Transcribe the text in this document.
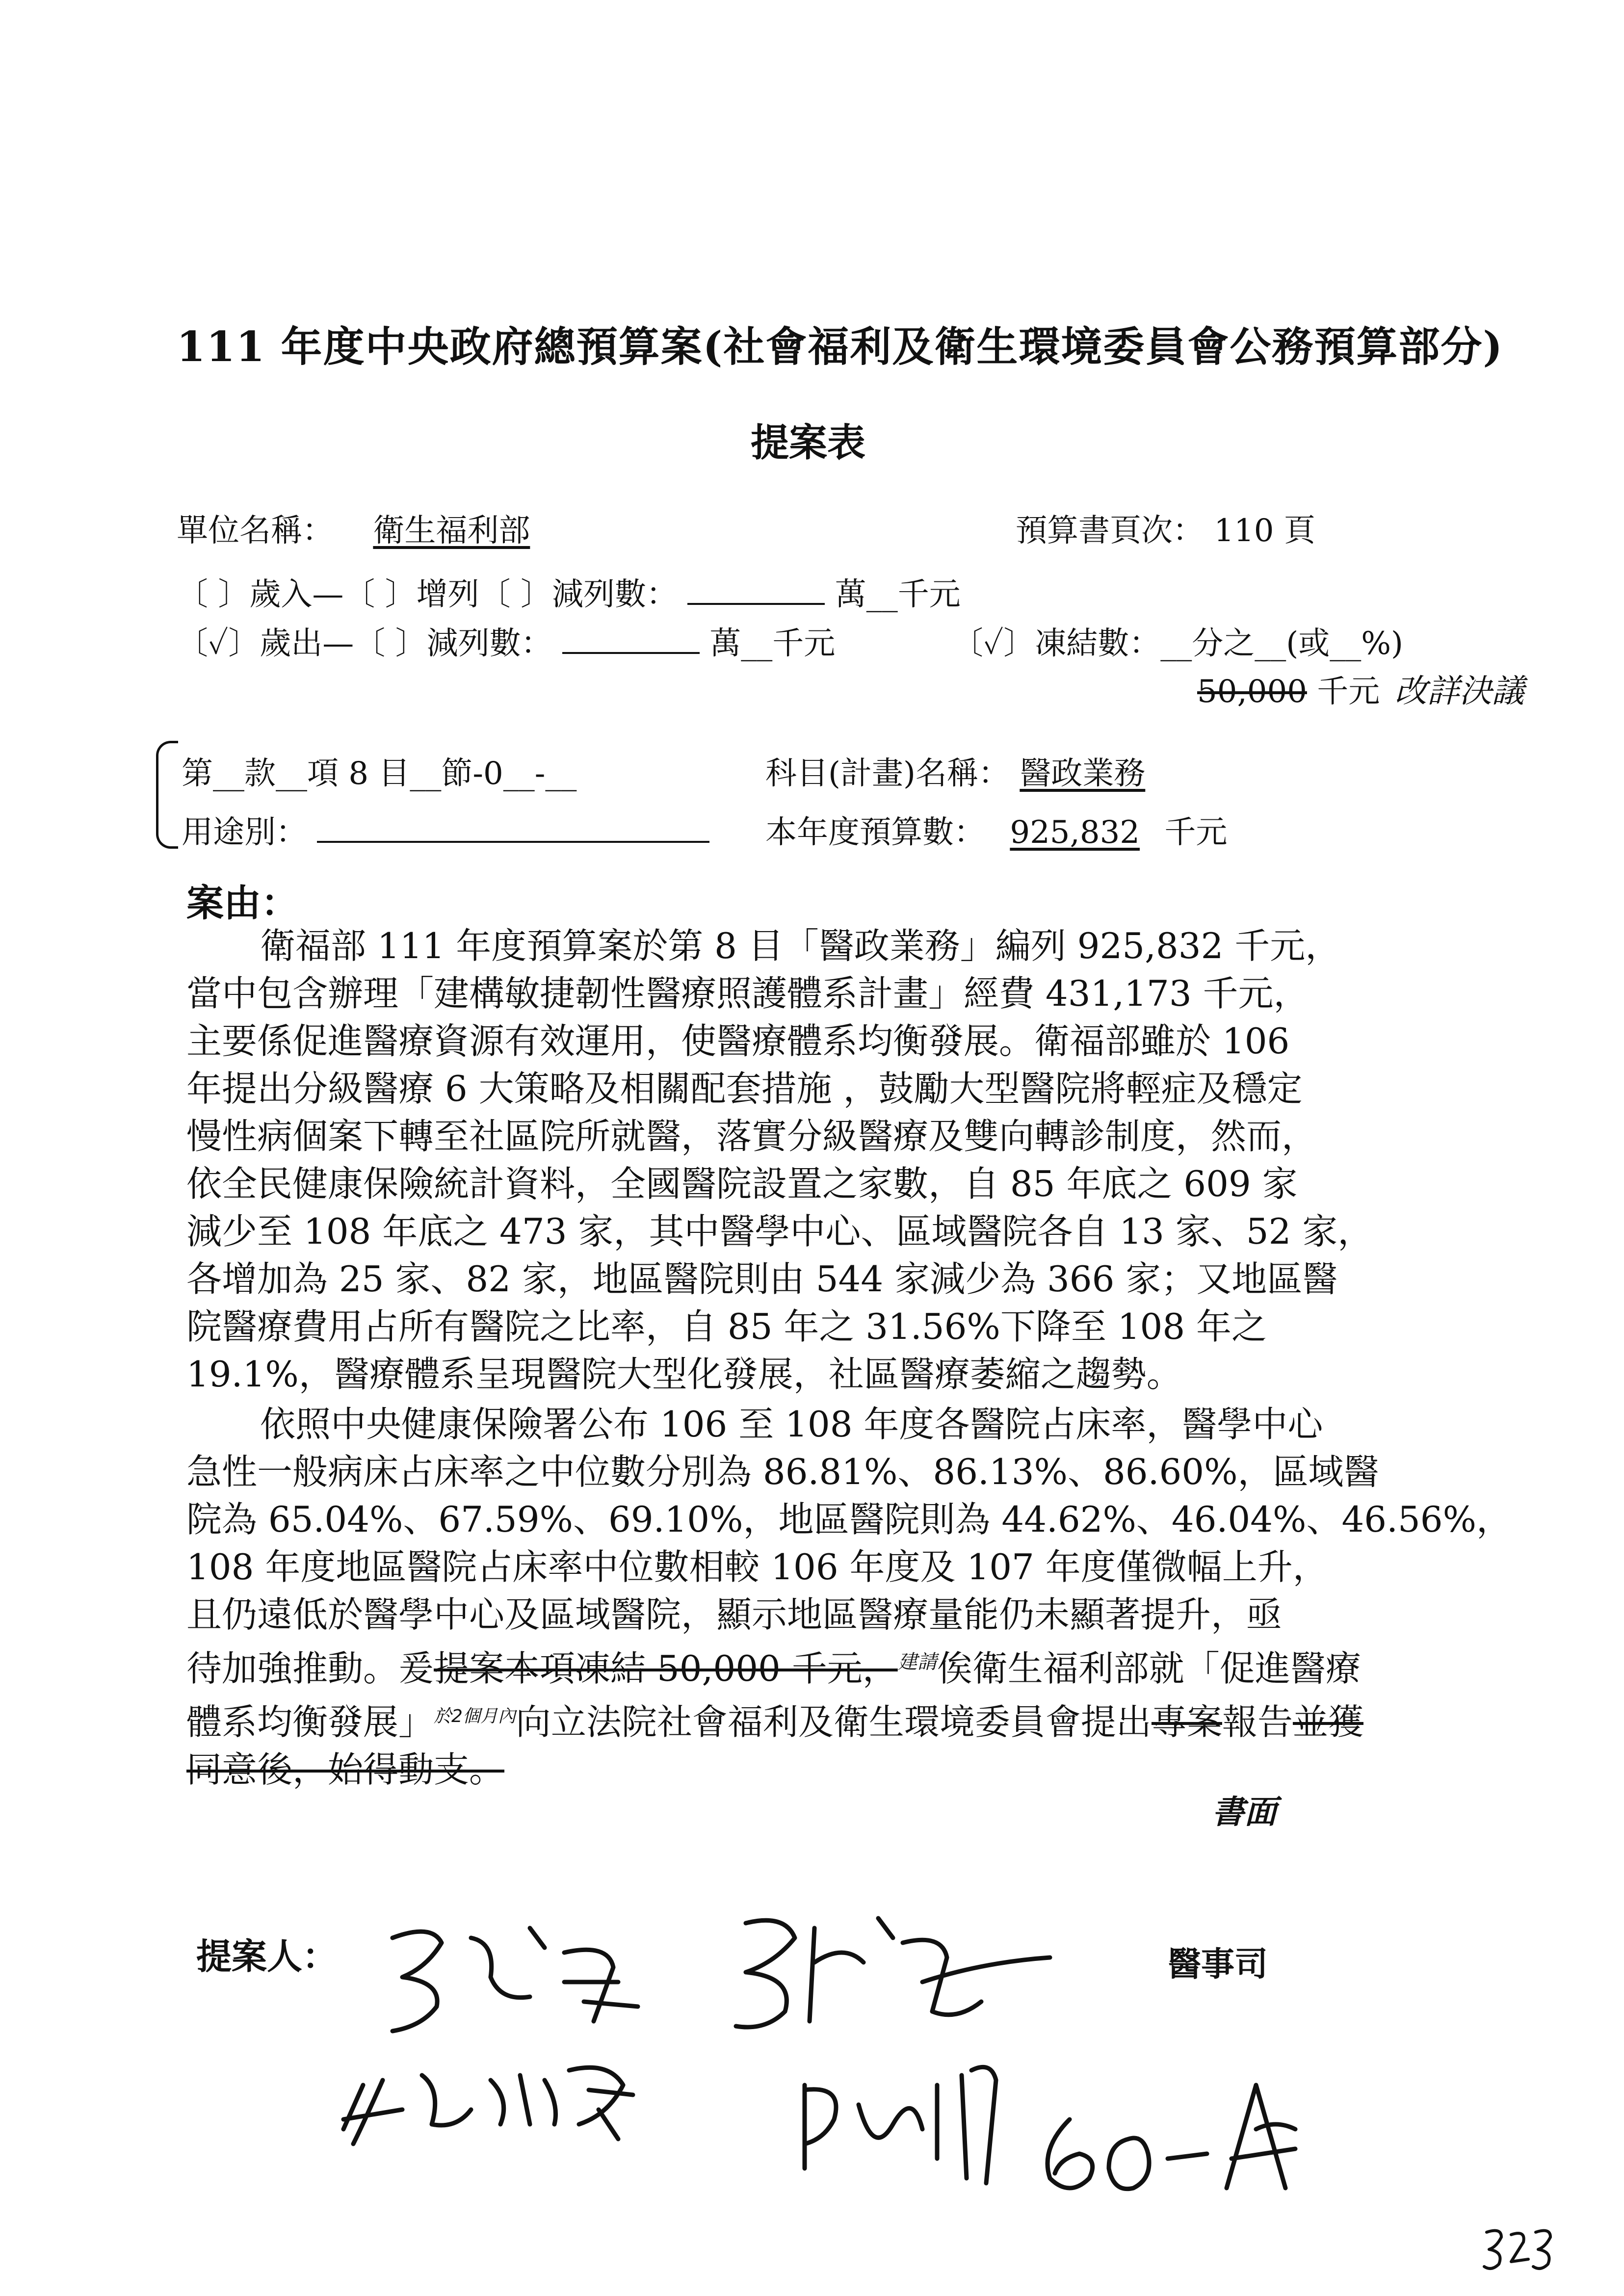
111 年度中央政府總預算案(社會福利及衛生環境委員會公務預算部分)
提案表
單位名稱： 衛生福利部	預算書頁次： 110 頁
〔 〕歲入—〔 〕增列〔 〕減列數：	萬__千元
〔✓〕歲出—〔 〕減列數：	萬__千元	〔✓〕凍結數：__分之__(或__%)
50,000 千元 改詳決議
第__款__項 8 目__節-0__-__	科目(計畫)名稱： 醫政業務
用途別：	本年度預算數： 925,832 千元
案由：
衛福部 111 年度預算案於第 8 目「醫政業務」編列 925,832 千元，
當中包含辦理「建構敏捷韌性醫療照護體系計畫」經費 431,173 千元，
主要係促進醫療資源有效運用，使醫療體系均衡發展。衛福部雖於 106
年提出分級醫療 6 大策略及相關配套措施 ，鼓勵大型醫院將輕症及穩定
慢性病個案下轉至社區院所就醫，落實分級醫療及雙向轉診制度，然而，
依全民健康保險統計資料，全國醫院設置之家數，自 85 年底之 609 家
減少至 108 年底之 473 家，其中醫學中心、區域醫院各自 13 家、52 家，
各增加為 25 家、82 家，地區醫院則由 544 家減少為 366 家；又地區醫
院醫療費用占所有醫院之比率，自 85 年之 31.56%下降至 108 年之
19.1%，醫療體系呈現醫院大型化發展，社區醫療萎縮之趨勢。
依照中央健康保險署公布 106 至 108 年度各醫院占床率，醫學中心
急性一般病床占床率之中位數分別為 86.81%、86.13%、86.60%，區域醫
院為 65.04%、67.59%、69.10%，地區醫院則為 44.62%、46.04%、46.56%，
108 年度地區醫院占床率中位數相較 106 年度及 107 年度僅微幅上升，
且仍遠低於醫學中心及區域醫院，顯示地區醫療量能仍未顯著提升，亟
待加強推動。爰提案本項凍結 50,000 千元，$^{建請}$俟衛生福利部就「促進醫療
體系均衡發展」$^{於2個月內}$向立法院社會福利及衛生環境委員會提出專案報告並獲
同意後，始得動支。
書面
提案人：	醫事司
60-A
323
